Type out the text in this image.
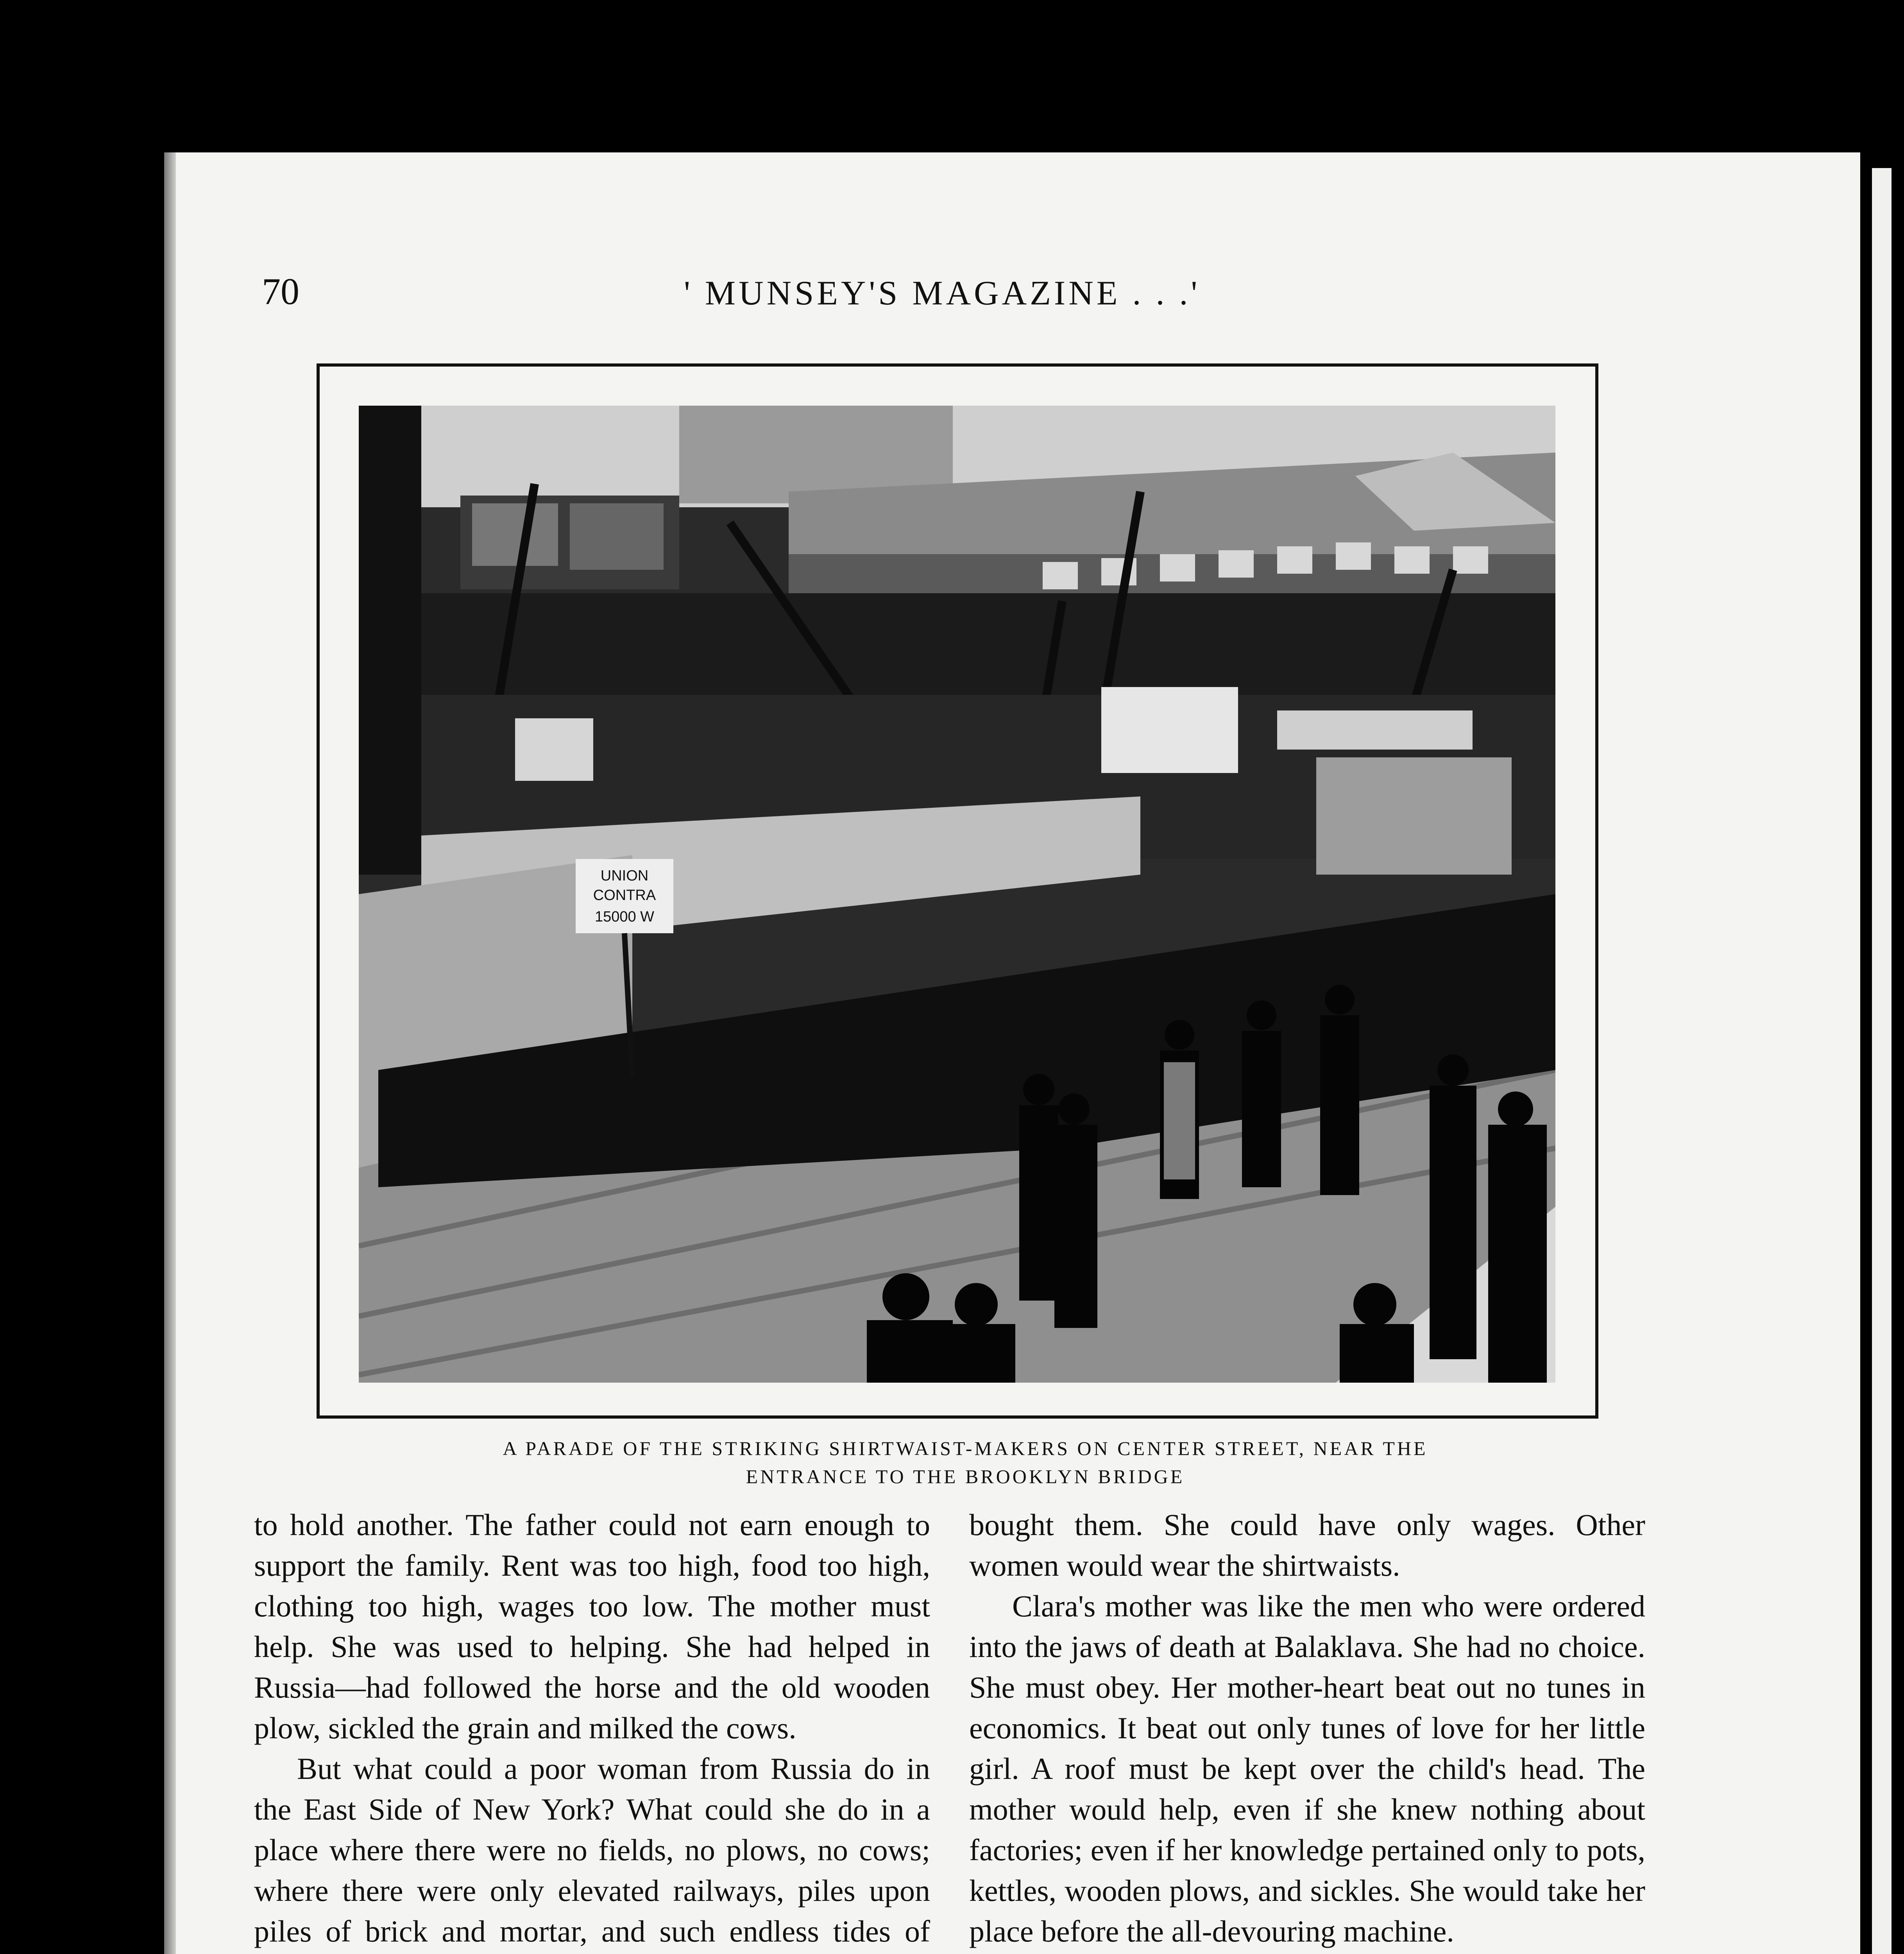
70	' MUNSEY'S MAGAZINE . . .'

UNION
CONTRA
15000 W

A PARADE OF THE STRIKING SHIRTWAIST-MAKERS ON CENTER STREET, NEAR THE
ENTRANCE TO THE BROOKLYN BRIDGE

to hold another. The father could not earn enough to support the family. Rent was too high, food too high, clothing too high, wages too low. The mother must help. She was used to helping. She had helped in Russia—had followed the horse and the old wooden plow, sickled the grain and milked the cows.

But what could a poor woman from Russia do in the East Side of New York? What could she do in a place where there were no fields, no plows, no cows; where there were only elevated railways, piles upon piles of brick and mortar, and such endless tides of

bought them. She could have only wages. Other women would wear the shirtwaists.

Clara's mother was like the men who were ordered into the jaws of death at Balaklava. She had no choice. She must obey. Her mother-heart beat out no tunes in economics. It beat out only tunes of love for her little girl. A roof must be kept over the child's head. The mother would help, even if she knew nothing about factories; even if her knowledge pertained only to pots, kettles, wooden plows, and sickles. She would take her place before the all-devouring machine.
